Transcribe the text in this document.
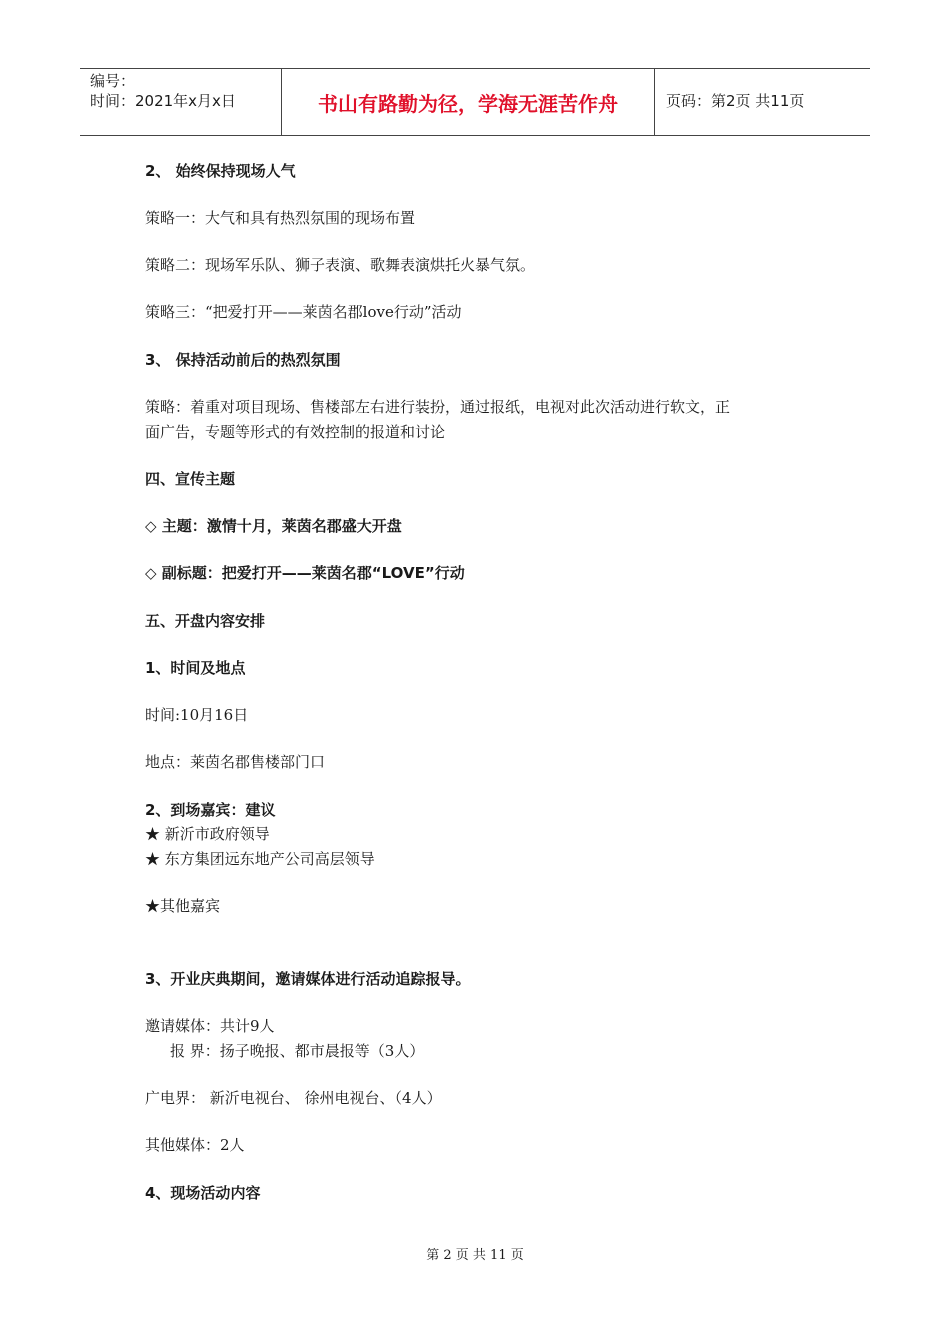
编号：
时间：2021年x月x日	书山有路勤为径，学海无涯苦作舟	页码：第2页 共11页
2、 始终保持现场人气
策略一：大气和具有热烈氛围的现场布置
策略二：现场军乐队、狮子表演、歌舞表演烘托火暴气氛。
策略三：“把爱打开——莱茵名郡love行动”活动
3、 保持活动前后的热烈氛围
策略：着重对项目现场、售楼部左右进行装扮，通过报纸，电视对此次活动进行软文，正
面广告，专题等形式的有效控制的报道和讨论
四、宣传主题
◇ 主题：激情十月，莱茵名郡盛大开盘
◇ 副标题：把爱打开——莱茵名郡“LOVE”行动
五、开盘内容安排
1、时间及地点
时间:10月16日
地点：莱茵名郡售楼部门口
2、到场嘉宾：建议
★ 新沂市政府领导
★ 东方集团远东地产公司高层领导
★其他嘉宾
3、开业庆典期间，邀请媒体进行活动追踪报导。
邀请媒体：共计9人
报 界：扬子晚报、都市晨报等（3人）
广电界： 新沂电视台、 徐州电视台、（4人）
其他媒体：2人
4、现场活动内容
第 2 页 共 11 页
